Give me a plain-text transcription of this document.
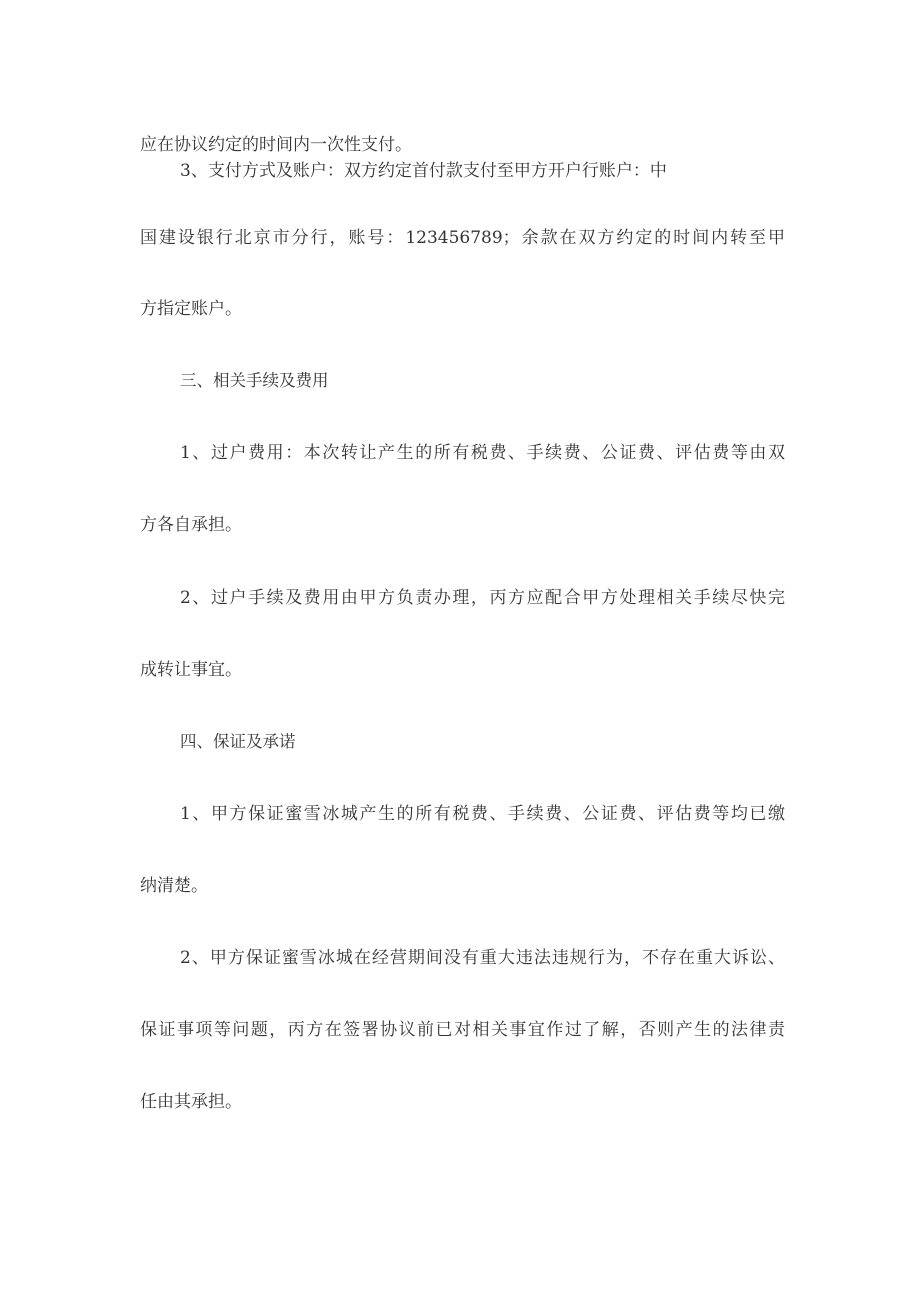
应在协议约定的时间内一次性支付。
3、支付方式及账户：双方约定首付款支付至甲方开户行账户：中
国建设银行北京市分行，账号：123456789；余款在双方约定的时间内转至甲
方指定账户。
三、相关手续及费用
1、过户费用：本次转让产生的所有税费、手续费、公证费、评估费等由双
方各自承担。
2、过户手续及费用由甲方负责办理，丙方应配合甲方处理相关手续尽快完
成转让事宜。
四、保证及承诺
1、甲方保证蜜雪冰城产生的所有税费、手续费、公证费、评估费等均已缴
纳清楚。
2、甲方保证蜜雪冰城在经营期间没有重大违法违规行为，不存在重大诉讼、
保证事项等问题，丙方在签署协议前已对相关事宜作过了解，否则产生的法律责
任由其承担。
